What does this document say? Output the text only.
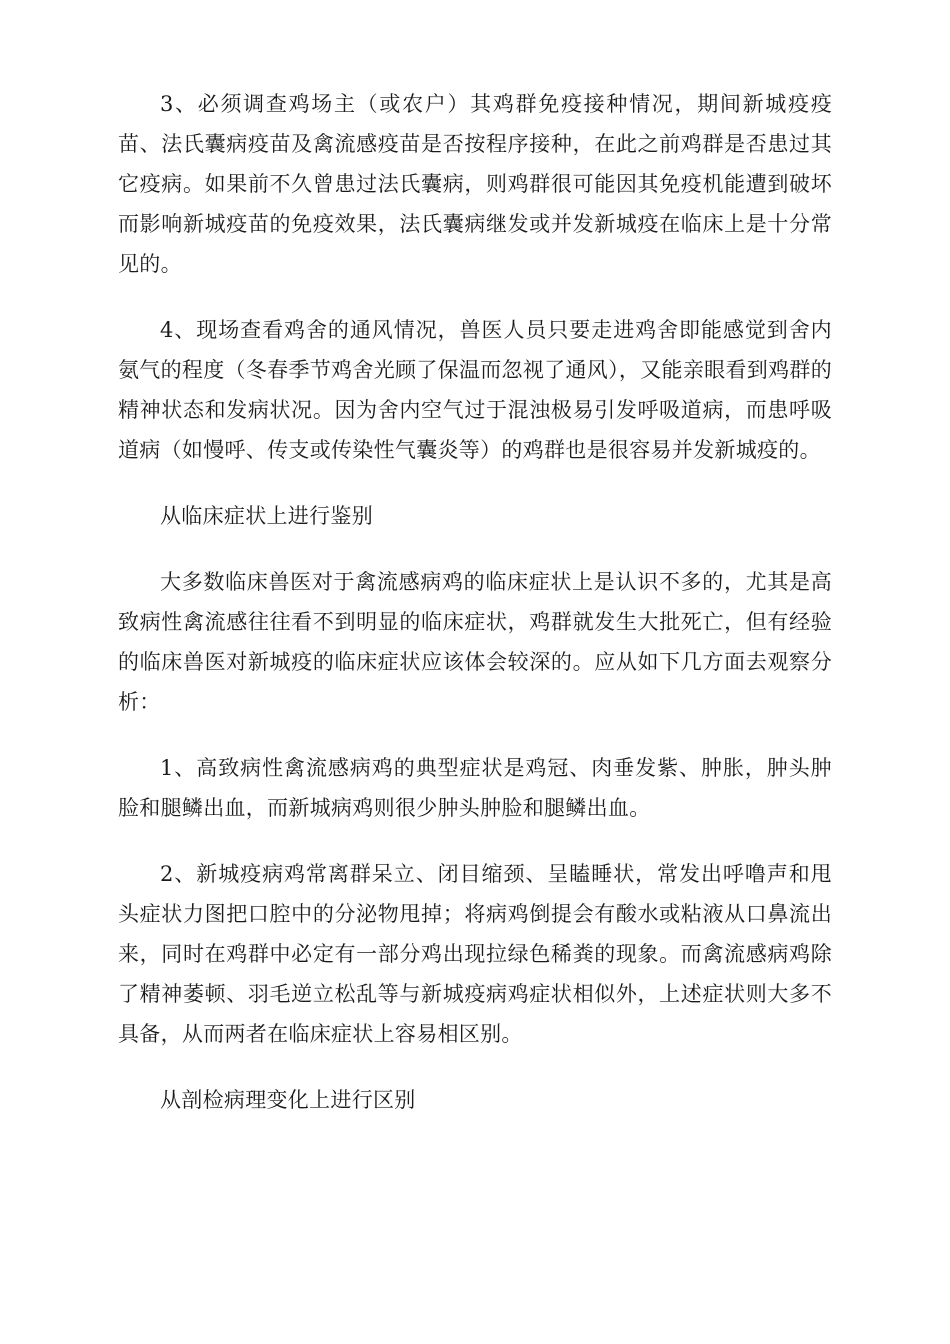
3、必须调查鸡场主（或农户）其鸡群免疫接种情况，期间新城疫疫苗、法氏囊病疫苗及禽流感疫苗是否按程序接种，在此之前鸡群是否患过其它疫病。如果前不久曾患过法氏囊病，则鸡群很可能因其免疫机能遭到破坏而影响新城疫苗的免疫效果，法氏囊病继发或并发新城疫在临床上是十分常见的。

4、现场查看鸡舍的通风情况，兽医人员只要走进鸡舍即能感觉到舍内氨气的程度（冬春季节鸡舍光顾了保温而忽视了通风），又能亲眼看到鸡群的精神状态和发病状况。因为舍内空气过于混浊极易引发呼吸道病，而患呼吸道病（如慢呼、传支或传染性气囊炎等）的鸡群也是很容易并发新城疫的。

从临床症状上进行鉴别

大多数临床兽医对于禽流感病鸡的临床症状上是认识不多的，尤其是高致病性禽流感往往看不到明显的临床症状，鸡群就发生大批死亡，但有经验的临床兽医对新城疫的临床症状应该体会较深的。应从如下几方面去观察分析：

1、高致病性禽流感病鸡的典型症状是鸡冠、肉垂发紫、肿胀，肿头肿脸和腿鳞出血，而新城病鸡则很少肿头肿脸和腿鳞出血。

2、新城疫病鸡常离群呆立、闭目缩颈、呈瞌睡状，常发出呼噜声和甩头症状力图把口腔中的分泌物甩掉；将病鸡倒提会有酸水或粘液从口鼻流出来，同时在鸡群中必定有一部分鸡出现拉绿色稀粪的现象。而禽流感病鸡除了精神萎顿、羽毛逆立松乱等与新城疫病鸡症状相似外，上述症状则大多不具备，从而两者在临床症状上容易相区别。

从剖检病理变化上进行区别
